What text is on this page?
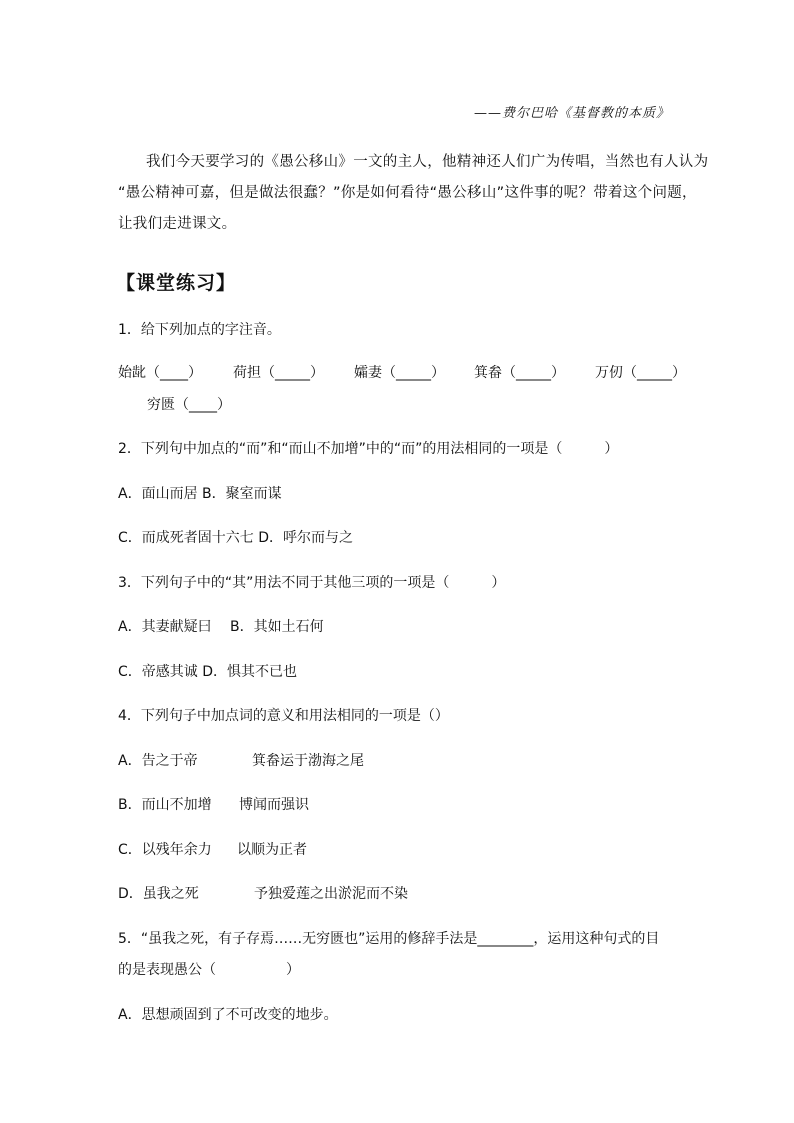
——费尔巴哈《基督教的本质》

我们今天要学习的《愚公移山》一文的主人，他精神还人们广为传唱，当然也有人认为

“愚公精神可嘉，但是做法很蠢？”你是如何看待“愚公移山”这件事的呢？带着这个问题，

让我们走进课文。

【课堂练习】

1．给下列加点的字注音。

始龀（____） 荷担（_____） 孀妻（_____） 箕畚（_____） 万仞（_____）

穷匮（____）

2．下列句中加点的“而”和“而山不加增”中的“而”的用法相同的一项是（　　　）

A．面山而居 B．聚室而谋

C．而成死者固十六七 D．呼尔而与之

3．下列句子中的“其”用法不同于其他三项的一项是（　　　）

A．其妻献疑曰　 B．其如土石何

C．帝感其诚 D．惧其不已也

4．下列句子中加点词的意义和用法相同的一项是（）

A．告之于帝	箕畚运于渤海之尾

B．而山不加增 博闻而强识

C．以残年余力 以顺为正者

D．虽我之死	予独爱莲之出淤泥而不染

5．“虽我之死，有子存焉……无穷匮也”运用的修辞手法是________，运用这种句式的目

的是表现愚公（　　　　　）

A．思想顽固到了不可改变的地步。
